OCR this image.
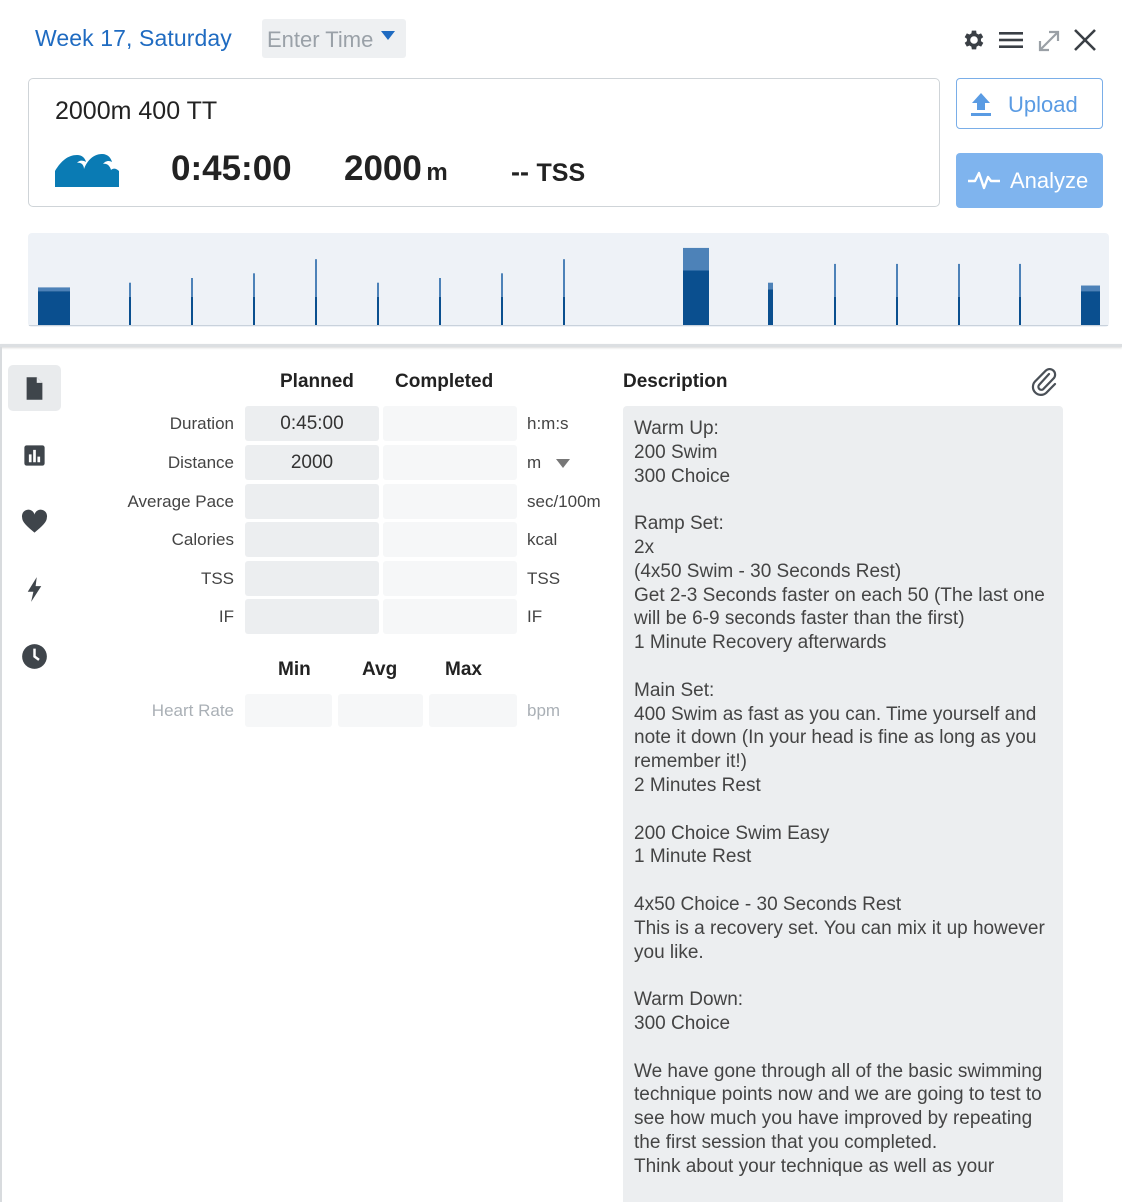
Week 17, Saturday Enter Time
2000m 400 TT
0:45:00 2000 m -- TSS
Upload
Analyze
Planned Completed
Duration	0:45:00	h:m:s
Distance	2000	m
Average Pace	sec/100m
Calories	kcal
TSS	TSS
IF	IF
Min	Avg	Max
Heart Rate	bpm
Description
Warm Up:
200 Swim
300 Choice

Ramp Set:
2x
(4x50 Swim - 30 Seconds Rest)
Get 2-3 Seconds faster on each 50 (The last one will be 6-9 seconds faster than the first)
1 Minute Recovery afterwards

Main Set:
400 Swim as fast as you can. Time yourself and note it down (In your head is fine as long as you remember it!)
2 Minutes Rest

200 Choice Swim Easy
1 Minute Rest

4x50 Choice - 30 Seconds Rest
This is a recovery set. You can mix it up however you like.

Warm Down:
300 Choice

We have gone through all of the basic swimming technique points now and we are going to test to see how much you have improved by repeating the first session that you completed.
Think about your technique as well as your
